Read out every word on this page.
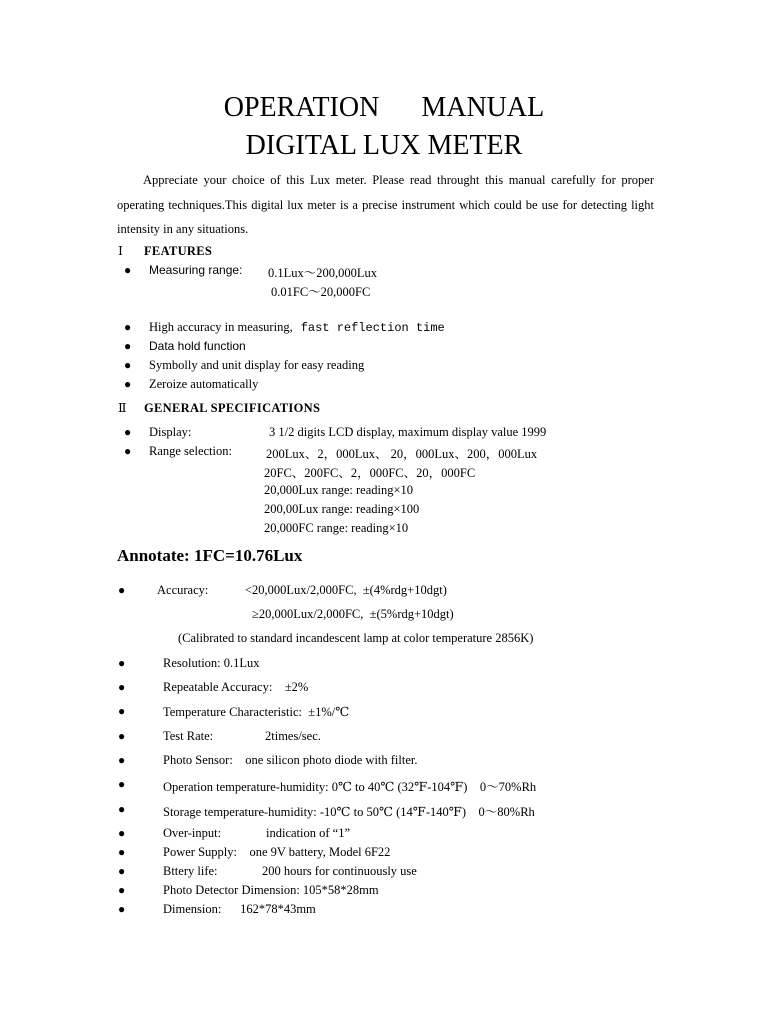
OPERATION      MANUAL
DIGITAL LUX METER
Appreciate your choice of this Lux meter. Please read throught this manual carefully for proper operating techniques.This digital lux meter is a precise instrument which could be use for detecting light intensity in any situations.
Ⅰ FEATURES
● Measuring range: 0.1Lux～200,000Lux
0.01FC～20,000FC
● High accuracy in measuring, fast reflection time
● Data hold function
● Symbolly and unit display for easy reading
● Zeroize automatically
Ⅱ GENERAL SPECIFICATIONS
● Display:	3 1/2 digits LCD display, maximum display value 1999
● Range selection:	200Lux、2，000Lux、 20，000Lux、200，000Lux
20FC、200FC、2，000FC、20，000FC
20,000Lux range: reading×10
200,00Lux range: reading×100
20,000FC range: reading×10
Annotate: 1FC=10.76Lux
●	Accuracy:	<20,000Lux/2,000FC,  ±(4%rdg+10dgt)
≥20,000Lux/2,000FC,  ±(5%rdg+10dgt)
(Calibrated to standard incandescent lamp at color temperature 2856K)
●	Resolution: 0.1Lux
●	Repeatable Accuracy:    ±2%
●	Temperature Characteristic:  ±1%/℃
●	Test Rate:	2times/sec.
●	Photo Sensor:    one silicon photo diode with filter.
●	Operation temperature-humidity: 0℃ to 40℃ (32℉-104℉)    0～70%Rh
●	Storage temperature-humidity: -10℃ to 50℃ (14℉-140℉)    0～80%Rh
●	Over-input:	indication of “1”
●	Power Supply:    one 9V battery, Model 6F22
●	Bttery life:	200 hours for continuously use
●	Photo Detector Dimension: 105*58*28mm
●	Dimension:      162*78*43mm
